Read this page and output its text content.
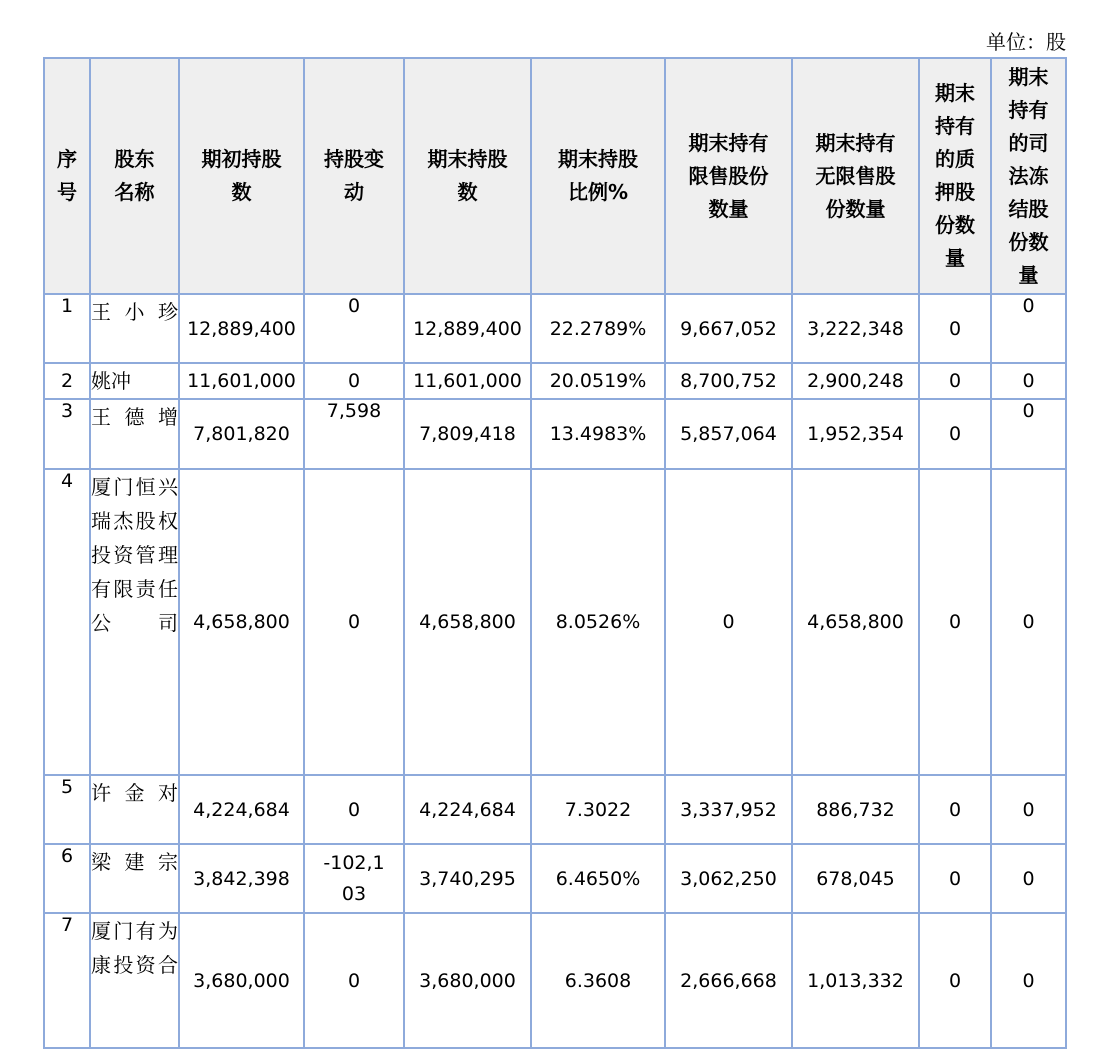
单位：股
序号	股东名称	期初持股数	持股变动	期末持股数	期末持股比例%	期末持有限售股份数量	期末持有无限售股份数量	期末持有的质押股份数量	期末持有的司法冻结股份数量
1	王小珍	12,889,400	0	12,889,400	22.2789%	9,667,052	3,222,348	0	0
2	姚冲	11,601,000	0	11,601,000	20.0519%	8,700,752	2,900,248	0	0
3	王德增	7,801,820	7,598	7,809,418	13.4983%	5,857,064	1,952,354	0	0
4	厦门恒兴瑞杰股权投资管理有限责任公司	4,658,800	0	4,658,800	8.0526%	0	4,658,800	0	0
5	许金对	4,224,684	0	4,224,684	7.3022	3,337,952	886,732	0	0
6	梁建宗	3,842,398	-102,103	3,740,295	6.4650%	3,062,250	678,045	0	0
7	厦门有为康投资合	3,680,000	0	3,680,000	6.3608	2,666,668	1,013,332	0	0
